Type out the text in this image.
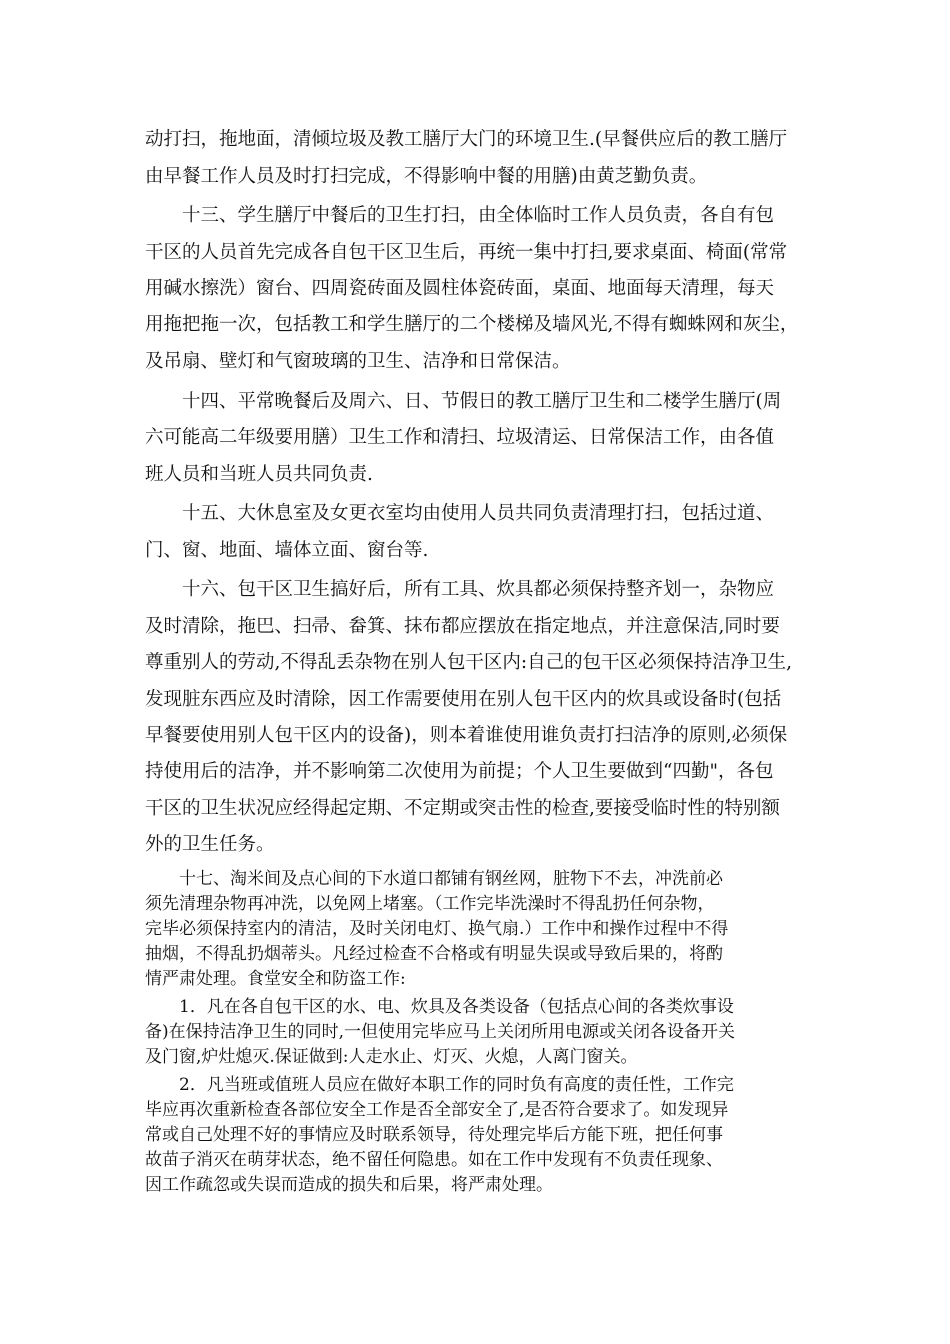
动打扫，拖地面，清倾垃圾及教工膳厅大门的环境卫生.(早餐供应后的教工膳厅
由早餐工作人员及时打扫完成，不得影响中餐的用膳)由黄芝勤负责。
十三、学生膳厅中餐后的卫生打扫，由全体临时工作人员负责，各自有包
干区的人员首先完成各自包干区卫生后，再统一集中打扫,要求桌面、椅面(常常
用碱水擦洗）窗台、四周瓷砖面及圆柱体瓷砖面，桌面、地面每天清理，每天
用拖把拖一次，包括教工和学生膳厅的二个楼梯及墙风光,不得有蜘蛛网和灰尘，
及吊扇、壁灯和气窗玻璃的卫生、洁净和日常保洁。
十四、平常晚餐后及周六、日、节假日的教工膳厅卫生和二楼学生膳厅(周
六可能高二年级要用膳）卫生工作和清扫、垃圾清运、日常保洁工作，由各值
班人员和当班人员共同负责.
十五、大休息室及女更衣室均由使用人员共同负责清理打扫，包括过道、
门、窗、地面、墙体立面、窗台等.
十六、包干区卫生搞好后，所有工具、炊具都必须保持整齐划一，杂物应
及时清除，拖巴、扫帚、畚箕、抹布都应摆放在指定地点，并注意保洁,同时要
尊重别人的劳动,不得乱丢杂物在别人包干区内:自己的包干区必须保持洁净卫生,
发现脏东西应及时清除，因工作需要使用在别人包干区内的炊具或设备时(包括
早餐要使用别人包干区内的设备)，则本着谁使用谁负责打扫洁净的原则,必须保
持使用后的洁净，并不影响第二次使用为前提；个人卫生要做到“四勤"，各包
干区的卫生状况应经得起定期、不定期或突击性的检查,要接受临时性的特别额
外的卫生任务。
十七、淘米间及点心间的下水道口都铺有钢丝网，脏物下不去，冲洗前必
须先清理杂物再冲洗，以免网上堵塞。（工作完毕洗澡时不得乱扔任何杂物，
完毕必须保持室内的清洁，及时关闭电灯、换气扇.）工作中和操作过程中不得
抽烟，不得乱扔烟蒂头。凡经过检查不合格或有明显失误或导致后果的，将酌
情严肃处理。食堂安全和防盗工作:
1．凡在各自包干区的水、电、炊具及各类设备（包括点心间的各类炊事设
备)在保持洁净卫生的同时,一但使用完毕应马上关闭所用电源或关闭各设备开关
及门窗,炉灶熄灭.保证做到:人走水止、灯灭、火熄，人离门窗关。
2．凡当班或值班人员应在做好本职工作的同时负有高度的责任性，工作完
毕应再次重新检查各部位安全工作是否全部安全了,是否符合要求了。如发现异
常或自己处理不好的事情应及时联系领导，待处理完毕后方能下班，把任何事
故苗子消灭在萌芽状态，绝不留任何隐患。如在工作中发现有不负责任现象、
因工作疏忽或失误而造成的损失和后果，将严肃处理。
